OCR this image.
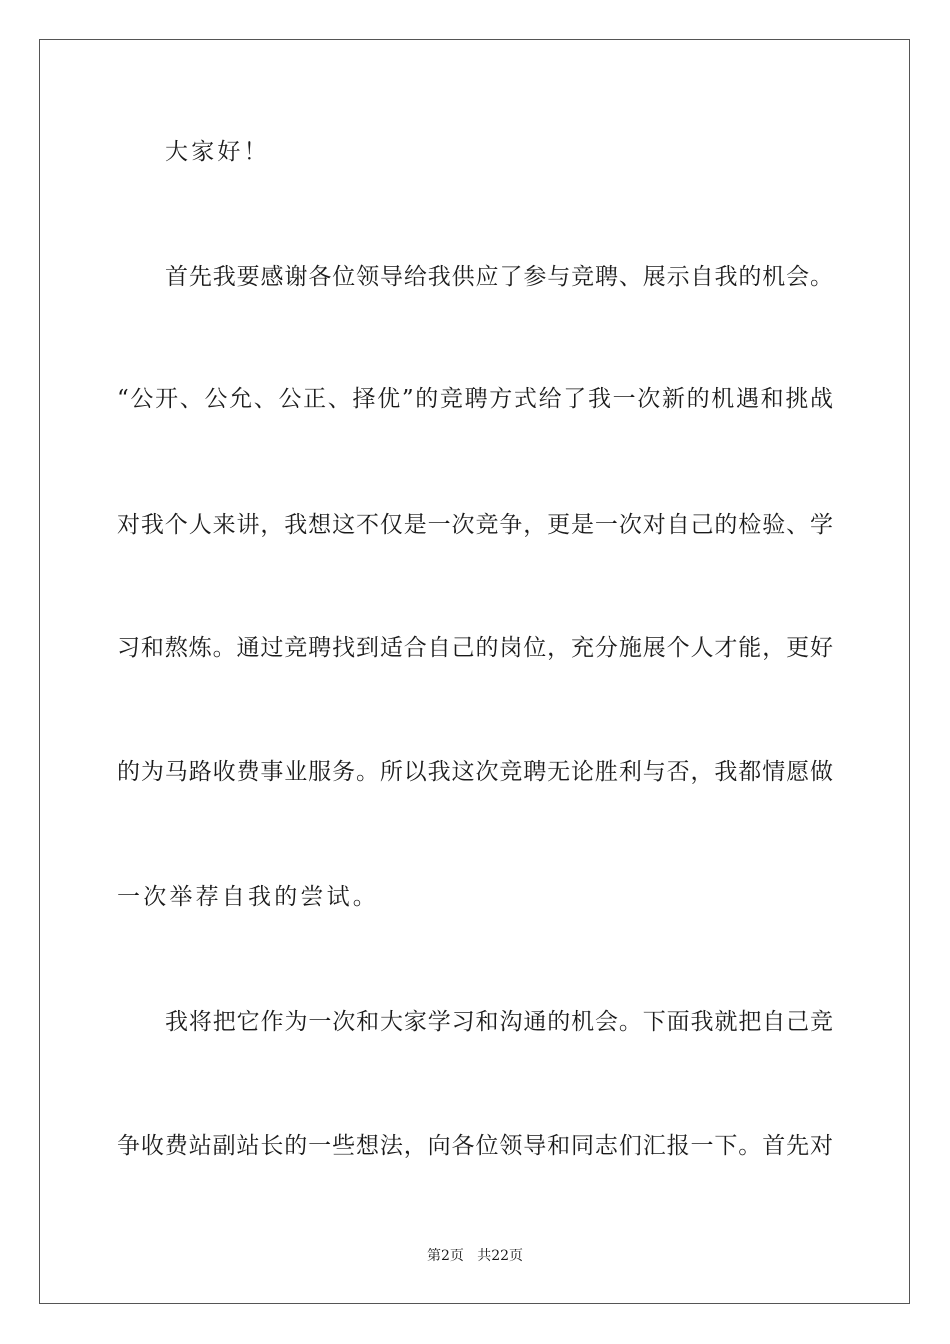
大家好！
首先我要感谢各位领导给我供应了参与竞聘、展示自我的机会。
“公开、公允、公正、择优”的竞聘方式给了我一次新的机遇和挑战
对我个人来讲，我想这不仅是一次竞争，更是一次对自己的检验、学
习和熬炼。通过竞聘找到适合自己的岗位，充分施展个人才能，更好
的为马路收费事业服务。所以我这次竞聘无论胜利与否，我都情愿做
一次举荐自我的尝试。
我将把它作为一次和大家学习和沟通的机会。下面我就把自己竞
争收费站副站长的一些想法，向各位领导和同志们汇报一下。首先对
第2页   共22页
